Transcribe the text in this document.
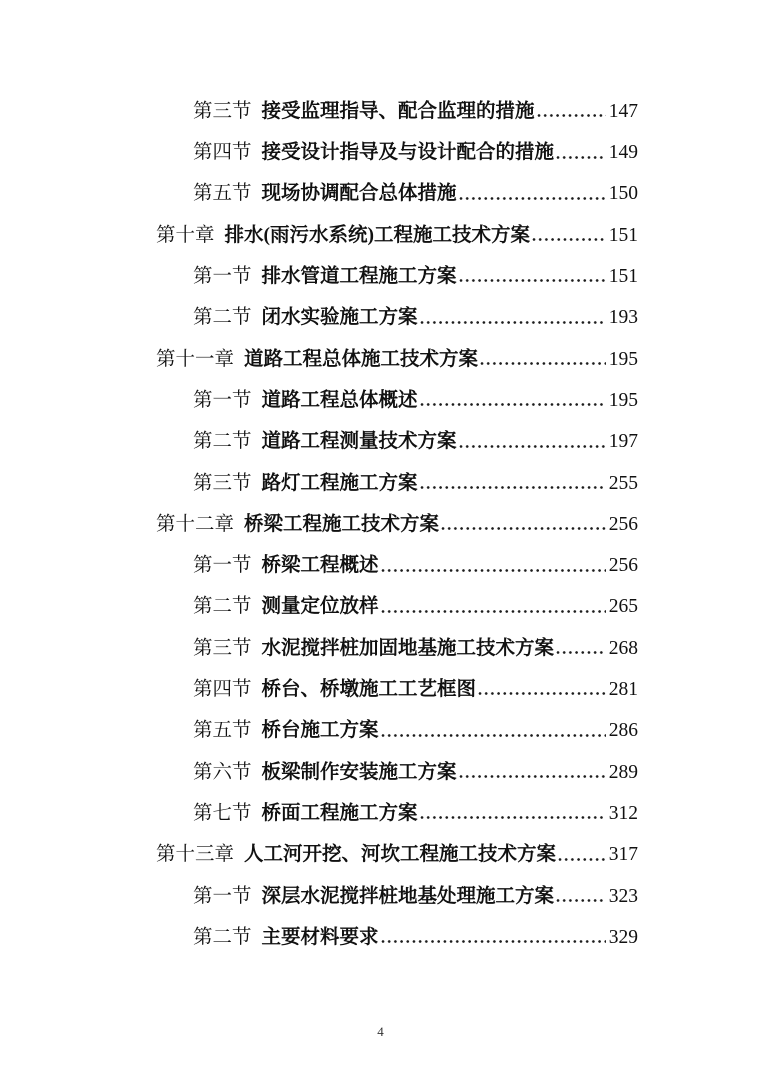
第三节 接受监理指导、配合监理的措施	147
第四节 接受设计指导及与设计配合的措施	149
第五节 现场协调配合总体措施	150
第十章 排水(雨污水系统)工程施工技术方案	151
第一节 排水管道工程施工方案	151
第二节 闭水实验施工方案	193
第十一章 道路工程总体施工技术方案	195
第一节 道路工程总体概述	195
第二节 道路工程测量技术方案	197
第三节 路灯工程施工方案	255
第十二章 桥梁工程施工技术方案	256
第一节 桥梁工程概述	256
第二节 测量定位放样	265
第三节 水泥搅拌桩加固地基施工技术方案	268
第四节 桥台、桥墩施工工艺框图	281
第五节 桥台施工方案	286
第六节 板梁制作安装施工方案	289
第七节 桥面工程施工方案	312
第十三章 人工河开挖、河坎工程施工技术方案	317
第一节 深层水泥搅拌桩地基处理施工方案	323
第二节 主要材料要求	329
4
